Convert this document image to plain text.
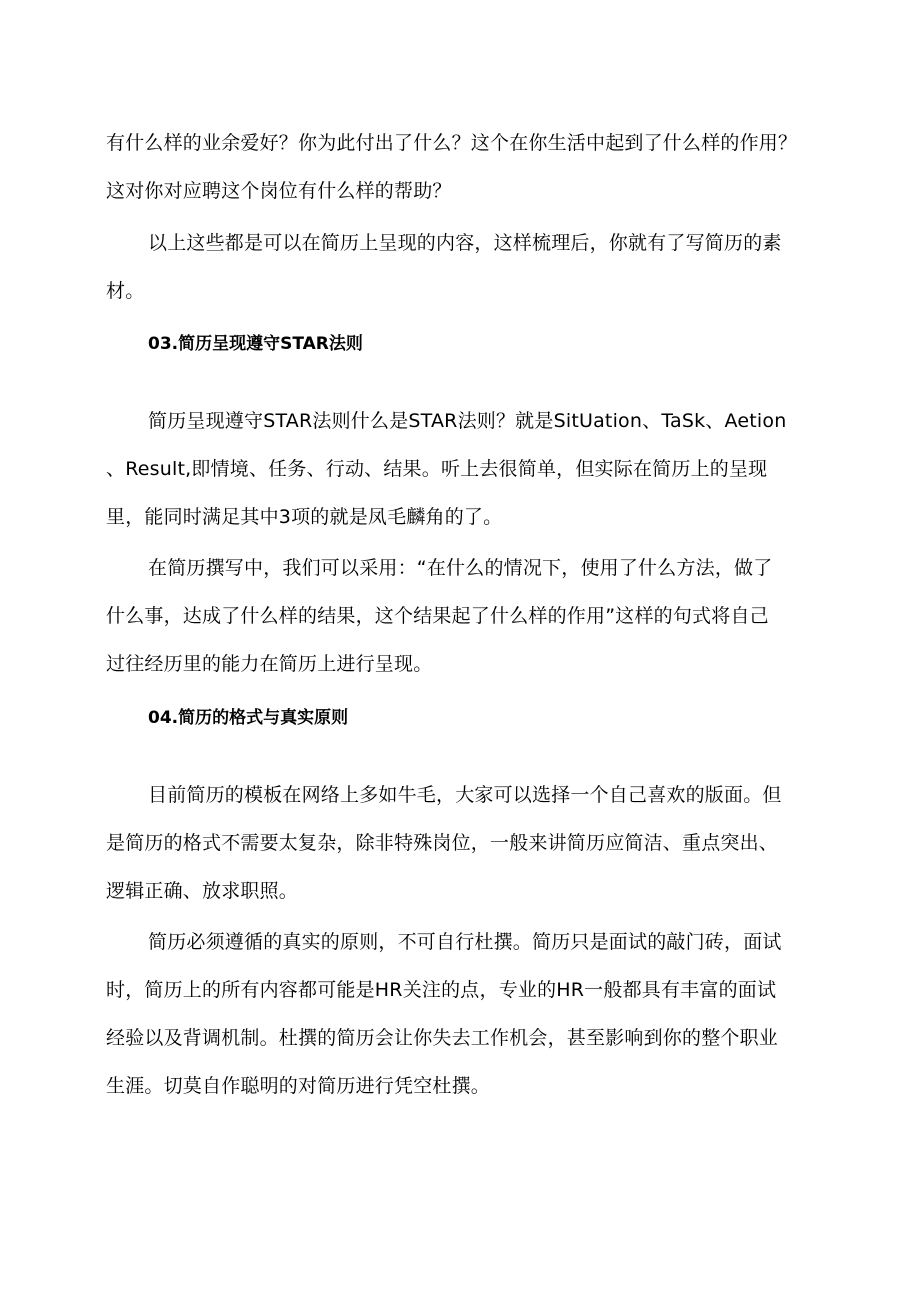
有什么样的业余爱好？你为此付出了什么？这个在你生活中起到了什么样的作用？
这对你对应聘这个岗位有什么样的帮助？
以上这些都是可以在简历上呈现的内容，这样梳理后，你就有了写简历的素
材。
03.简历呈现遵守STAR法则
简历呈现遵守STAR法则什么是STAR法则？就是SitUation、TaSk、Aetion
、Result,即情境、任务、行动、结果。听上去很简单，但实际在简历上的呈现
里，能同时满足其中3项的就是凤毛麟角的了。
在简历撰写中，我们可以采用：“在什么的情况下，使用了什么方法，做了
什么事，达成了什么样的结果，这个结果起了什么样的作用”这样的句式将自己
过往经历里的能力在简历上进行呈现。
04.简历的格式与真实原则
目前简历的模板在网络上多如牛毛，大家可以选择一个自己喜欢的版面。但
是简历的格式不需要太复杂，除非特殊岗位，一般来讲简历应简洁、重点突出、
逻辑正确、放求职照。
简历必须遵循的真实的原则，不可自行杜撰。简历只是面试的敲门砖，面试
时，简历上的所有内容都可能是HR关注的点，专业的HR一般都具有丰富的面试
经验以及背调机制。杜撰的简历会让你失去工作机会，甚至影响到你的整个职业
生涯。切莫自作聪明的对简历进行凭空杜撰。
